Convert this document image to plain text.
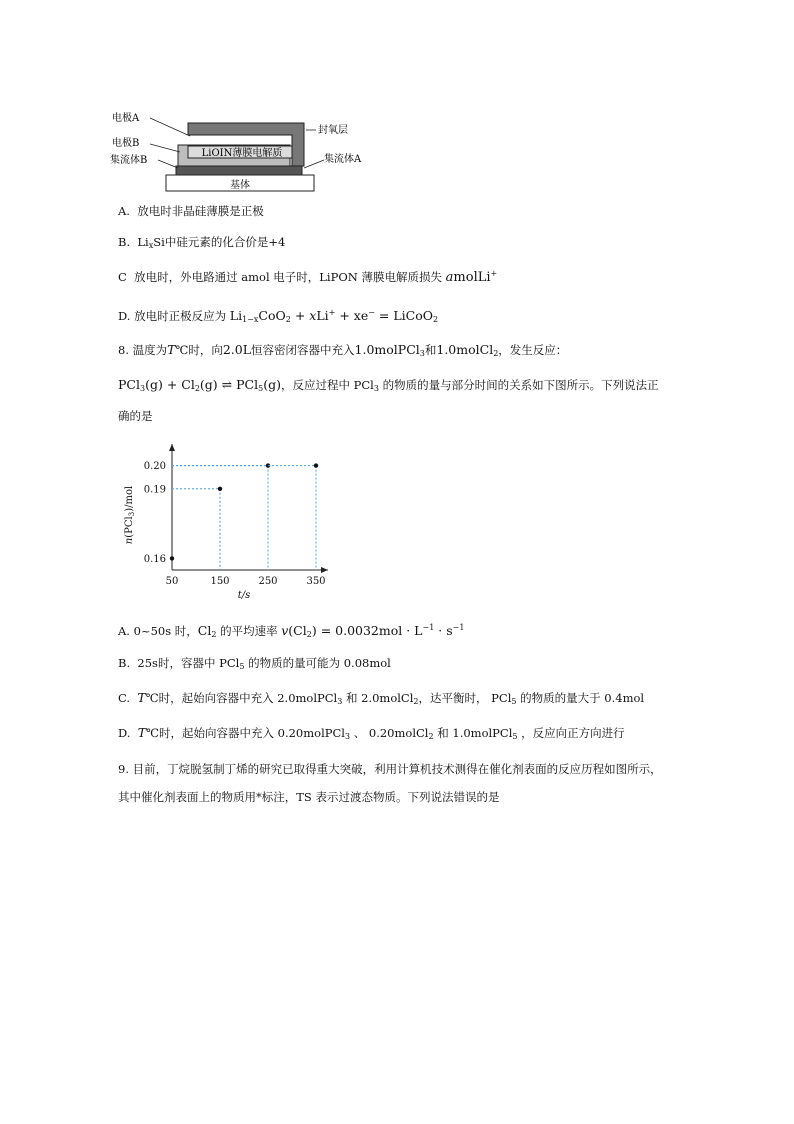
基体
LiOIN薄膜电解质
电极A
电极B
集流体B
封氧层
集流体A
A. 放电时非晶硅薄膜是正极
B. $Li_xSi$中硅元素的化合价是+4
C 放电时，外电路通过 amol 电子时，LiPON 薄膜电解质损失 amolLi+
D. 放电时正极反应为 $Li_{1-x}CoO_2 + xLi^+ + xe^-$ = LiCoO$_2$
8. 温度为T℃时，向2.0L恒容密闭容器中充入1.0molPCl$_3$和1.0molCl$_2$，发生反应：
$PCl_3(g) + Cl_2(g)$ ⇌ PCl$_5$(g)，反应过程中 PCl$_3$ 的物质的量与部分时间的关系如下图所示。下列说法正
确的是
50	150	250	350
0.16
0.19
0.20
t/s
n(PCl$_3$)/mol
A. 0~50s 时，$Cl_2$ 的平均速率 $v(Cl_2) = 0.0032mol \cdot L^{-1} \cdot s^{-1}$
B. 25s时，容器中 PCl$_5$ 的物质的量可能为 0.08mol
C. T℃时，起始向容器中充入 2.0molPCl$_3$ 和 2.0molCl$_2$，达平衡时， PCl$_5$ 的物质的量大于 0.4mol
D. T℃时，起始向容器中充入 0.20molPCl$_3$ 、 0.20molCl$_2$ 和 1.0molPCl$_5$ ，反应向正方向进行
9. 目前，丁烷脱氢制丁烯的研究已取得重大突破，利用计算机技术测得在催化剂表面的反应历程如图所示，
其中催化剂表面上的物质用*标注，TS 表示过渡态物质。下列说法错误的是
